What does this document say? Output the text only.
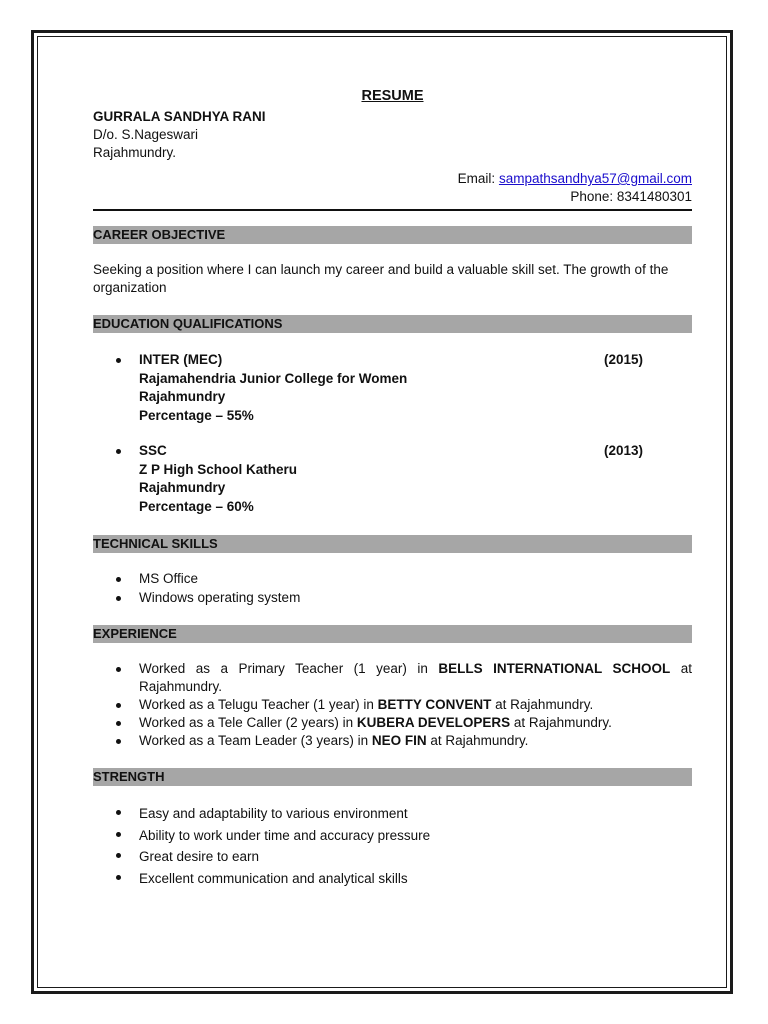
RESUME
GURRALA SANDHYA RANI
D/o. S.Nageswari
Rajahmundry.
Email: sampathsandhya57@gmail.com
Phone: 8341480301
CAREER OBJECTIVE
Seeking a position where I can launch my career and build a valuable skill set. The growth of the organization
EDUCATION QUALIFICATIONS
INTER (MEC)	(2015)
Rajamahendria Junior College for Women
Rajahmundry
Percentage – 55%
SSC	(2013)
Z P High School Katheru
Rajahmundry
Percentage – 60%
TECHNICAL SKILLS
MS Office
Windows operating system
EXPERIENCE
Worked as a Primary Teacher (1 year) in BELLS INTERNATIONAL SCHOOL at Rajahmundry.
Worked as a Telugu Teacher (1 year) in BETTY CONVENT at Rajahmundry.
Worked as a Tele Caller (2 years) in KUBERA DEVELOPERS at Rajahmundry.
Worked as a Team Leader (3 years) in NEO FIN at Rajahmundry.
STRENGTH
Easy and adaptability to various environment
Ability to work under time and accuracy pressure
Great desire to earn
Excellent communication and analytical skills
